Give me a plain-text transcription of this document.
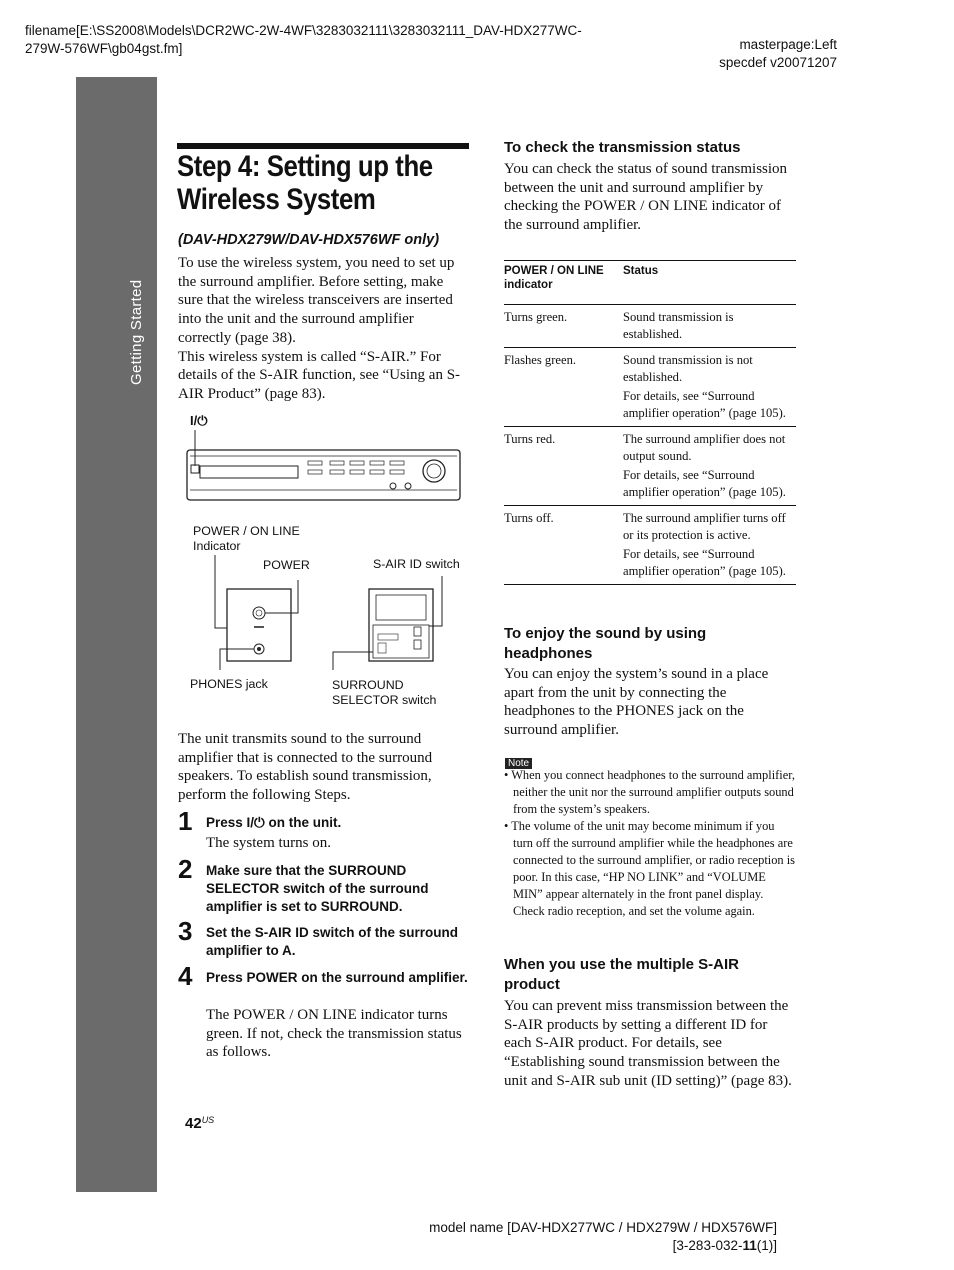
filename[E:\SS2008\Models\DCR2WC-2W-4WF\3283032111\3283032111_DAV-HDX277WC-
279W-576WF\gb04gst.fm]	masterpage:Left
specdef v20071207
Getting Started
Step 4: Setting up the
Wireless System
(DAV-HDX279W/DAV-HDX576WF only)
To use the wireless system, you need to set up the surround amplifier. Before setting, make sure that the wireless transceivers are inserted into the unit and the surround amplifier correctly (page 38).
This wireless system is called “S-AIR.” For details of the S-AIR function, see “Using an S-AIR Product” (page 83).
I/⏻
POWER / ON LINE
Indicator
POWER	S-AIR ID switch
PHONES jack	SURROUND
SELECTOR switch
The unit transmits sound to the surround amplifier that is connected to the surround speakers. To establish sound transmission, perform the following Steps.
1 Press I/⏻ on the unit.
The system turns on.
2 Make sure that the SURROUND SELECTOR switch of the surround amplifier is set to SURROUND.
3 Set the S-AIR ID switch of the surround amplifier to A.
4 Press POWER on the surround amplifier.
The POWER / ON LINE indicator turns green. If not, check the transmission status as follows.
$42^{US}$
To check the transmission status
You can check the status of sound transmission between the unit and surround amplifier by checking the POWER / ON LINE indicator of the surround amplifier.
POWER / ON LINE indicator	Status
Turns green.	Sound transmission is established.

Flashes green.	Sound transmission is not established.
For details, see “Surround amplifier operation” (page 105).

Turns red.	The surround amplifier does not output sound.
For details, see “Surround amplifier operation” (page 105).

Turns off.	The surround amplifier turns off or its protection is active.
For details, see “Surround amplifier operation” (page 105).
To enjoy the sound by using
headphones
You can enjoy the system’s sound in a place apart from the unit by connecting the headphones to the PHONES jack on the surround amplifier.
Note
• When you connect headphones to the surround amplifier, neither the unit nor the surround amplifier outputs sound from the system’s speakers.
• The volume of the unit may become minimum if you turn off the surround amplifier while the headphones are connected to the surround amplifier, or radio reception is poor. In this case, “HP NO LINK” and “VOLUME MIN” appear alternately in the front panel display. Check radio reception, and set the volume again.
When you use the multiple S-AIR
product
You can prevent miss transmission between the S-AIR products by setting a different ID for each S-AIR product. For details, see “Establishing sound transmission between the unit and S-AIR sub unit (ID setting)” (page 83).
model name [DAV-HDX277WC / HDX279W / HDX576WF]
[3-283-032-11(1)]
